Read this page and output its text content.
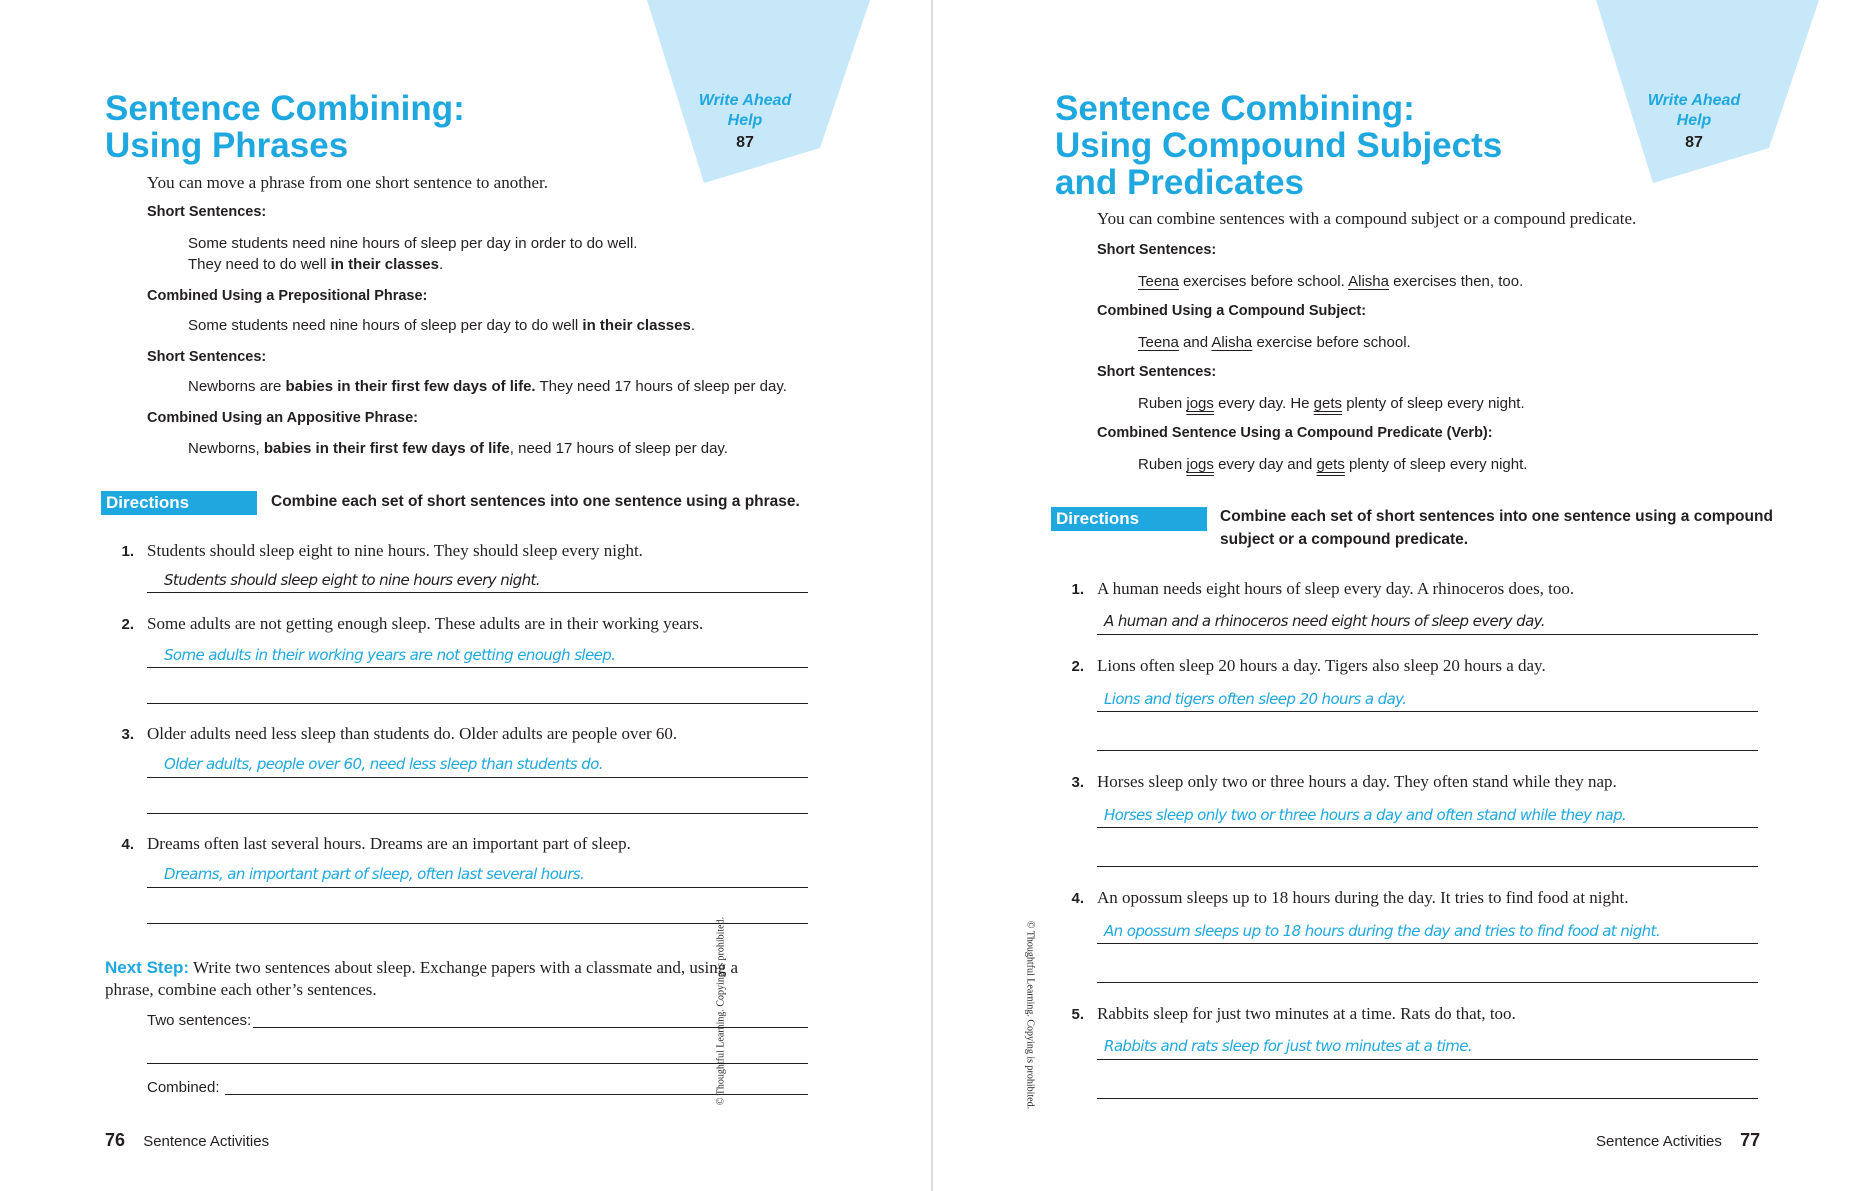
Write Ahead
Help
87
Sentence Combining:
Using Phrases
You can move a phrase from one short sentence to another.
Short Sentences:
Some students need nine hours of sleep per day in order to do well.
They need to do well in their classes.
Combined Using a Prepositional Phrase:
Some students need nine hours of sleep per day to do well in their classes.
Short Sentences:
Newborns are babies in their first few days of life. They need 17 hours of sleep per day.
Combined Using an Appositive Phrase:
Newborns, babies in their first few days of life, need 17 hours of sleep per day.
Directions	Combine each set of short sentences into one sentence using a phrase.
1. Students should sleep eight to nine hours. They should sleep every night.
Students should sleep eight to nine hours every night.
2. Some adults are not getting enough sleep. These adults are in their working years.
Some adults in their working years are not getting enough sleep.
3. Older adults need less sleep than students do. Older adults are people over 60.
Older adults, people over 60, need less sleep than students do.
4. Dreams often last several hours. Dreams are an important part of sleep.
Dreams, an important part of sleep, often last several hours.
Next Step: Write two sentences about sleep. Exchange papers with a classmate and, using a
phrase, combine each other’s sentences.
Two sentences:
Combined:	© Thoughtful Learning. Copying is prohibited.
76 Sentence Activities
Write Ahead
Help
87
Sentence Combining:
Using Compound Subjects
and Predicates
You can combine sentences with a compound subject or a compound predicate.
Short Sentences:
Teena exercises before school. Alisha exercises then, too.
Combined Using a Compound Subject:
Teena and Alisha exercise before school.
Short Sentences:
Ruben jogs every day. He gets plenty of sleep every night.
Combined Sentence Using a Compound Predicate (Verb):
Ruben jogs every day and gets plenty of sleep every night.
Directions	Combine each set of short sentences into one sentence using a compound
subject or a compound predicate.
1. A human needs eight hours of sleep every day. A rhinoceros does, too.
A human and a rhinoceros need eight hours of sleep every day.
2. Lions often sleep 20 hours a day. Tigers also sleep 20 hours a day.
Lions and tigers often sleep 20 hours a day.
3. Horses sleep only two or three hours a day. They often stand while they nap.
Horses sleep only two or three hours a day and often stand while they nap.
4. An opossum sleeps up to 18 hours during the day. It tries to find food at night.
An opossum sleeps up to 18 hours during the day and tries to find food at night.
5. Rabbits sleep for just two minutes at a time. Rats do that, too.
Rabbits and rats sleep for just two minutes at a time.
© Thoughtful Learning. Copying is prohibited.
Sentence Activities 77
